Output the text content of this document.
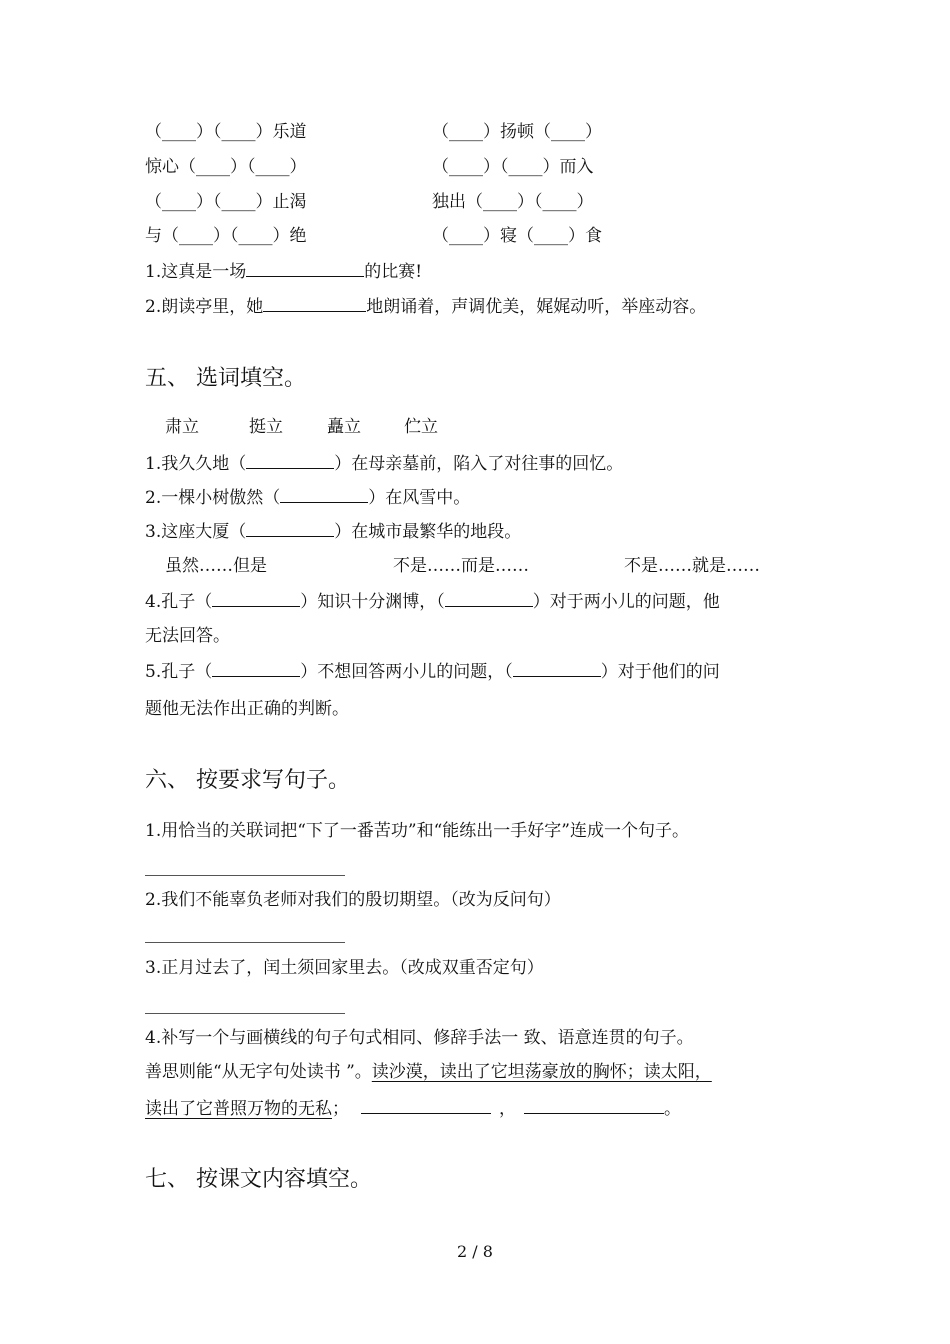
（____）（____）乐道	（____）扬顿（____）
惊心（____）（____）	（____）（____）而入
（____）（____）止渴	独出（____）（____）
与（____）（____）绝	（____）寝（____）食
1.这真是一场	的比赛!
2.朗读亭里，她	地朗诵着，声调优美，娓娓动听，举座动容。
五、 选词填空。
肃立	挺立	矗立	伫立
1.我久久地（	）在母亲墓前，陷入了对往事的回忆。
2.一棵小树傲然（	）在风雪中。
3.这座大厦（	）在城市最繁华的地段。
虽然……但是	不是……而是……	不是……就是……
4.孔子（	）知识十分渊博，（	）对于两小儿的问题，他
无法回答。
5.孔子（	）不想回答两小儿的问题，（	）对于他们的问
题他无法作出正确的判断。
六、 按要求写句子。
1.用恰当的关联词把“下了一番苦功”和“能练出一手好字”连成一个句子。
2.我们不能辜负老师对我们的殷切期望。（改为反问句）
3.正月过去了，闰土须回家里去。（改成双重否定句）
4.补写一个与画横线的句子句式相同、修辞手法一 致、语意连贯的句子。
善思则能“从无字句处读书 ”。读沙漠，读出了它坦荡豪放的胸怀；读太阳，
读出了它普照万物的无私；	，	。
七、 按课文内容填空。
2 / 8
